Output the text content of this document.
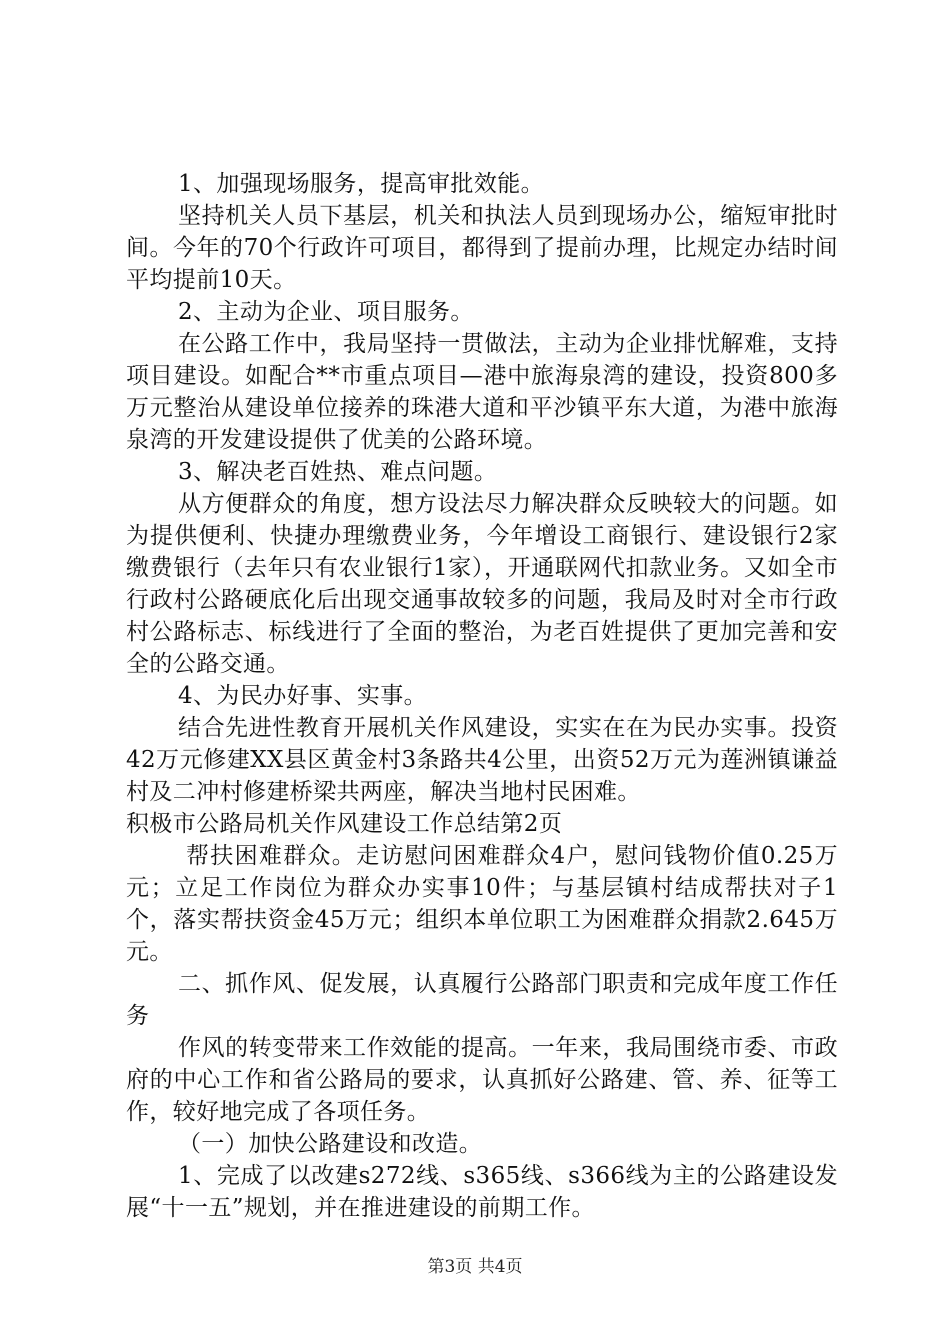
1、加强现场服务，提高审批效能。

坚持机关人员下基层，机关和执法人员到现场办公，缩短审批时间。今年的70个行政许可项目，都得到了提前办理，比规定办结时间平均提前10天。

2、主动为企业、项目服务。

在公路工作中，我局坚持一贯做法，主动为企业排忧解难，支持项目建设。如配合**市重点项目—港中旅海泉湾的建设，投资800多万元整治从建设单位接养的珠港大道和平沙镇平东大道，为港中旅海泉湾的开发建设提供了优美的公路环境。

3、解决老百姓热、难点问题。

从方便群众的角度，想方设法尽力解决群众反映较大的问题。如为提供便利、快捷办理缴费业务，今年增设工商银行、建设银行2家缴费银行（去年只有农业银行1家），开通联网代扣款业务。又如全市行政村公路硬底化后出现交通事故较多的问题，我局及时对全市行政村公路标志、标线进行了全面的整治，为老百姓提供了更加完善和安全的公路交通。

4、为民办好事、实事。

结合先进性教育开展机关作风建设，实实在在为民办实事。投资42万元修建XX县区黄金村3条路共4公里，出资52万元为莲洲镇谦益村及二冲村修建桥梁共两座，解决当地村民困难。

积极市公路局机关作风建设工作总结第2页

帮扶困难群众。走访慰问困难群众4户，慰问钱物价值0.25万元；立足工作岗位为群众办实事10件；与基层镇村结成帮扶对子1个，落实帮扶资金45万元；组织本单位职工为困难群众捐款2.645万元。

二、抓作风、促发展，认真履行公路部门职责和完成年度工作任务

作风的转变带来工作效能的提高。一年来，我局围绕市委、市政府的中心工作和省公路局的要求，认真抓好公路建、管、养、征等工作，较好地完成了各项任务。

（一）加快公路建设和改造。

1、完成了以改建s272线、s365线、s366线为主的公路建设发展“十一五”规划，并在推进建设的前期工作。

第3页 共4页
